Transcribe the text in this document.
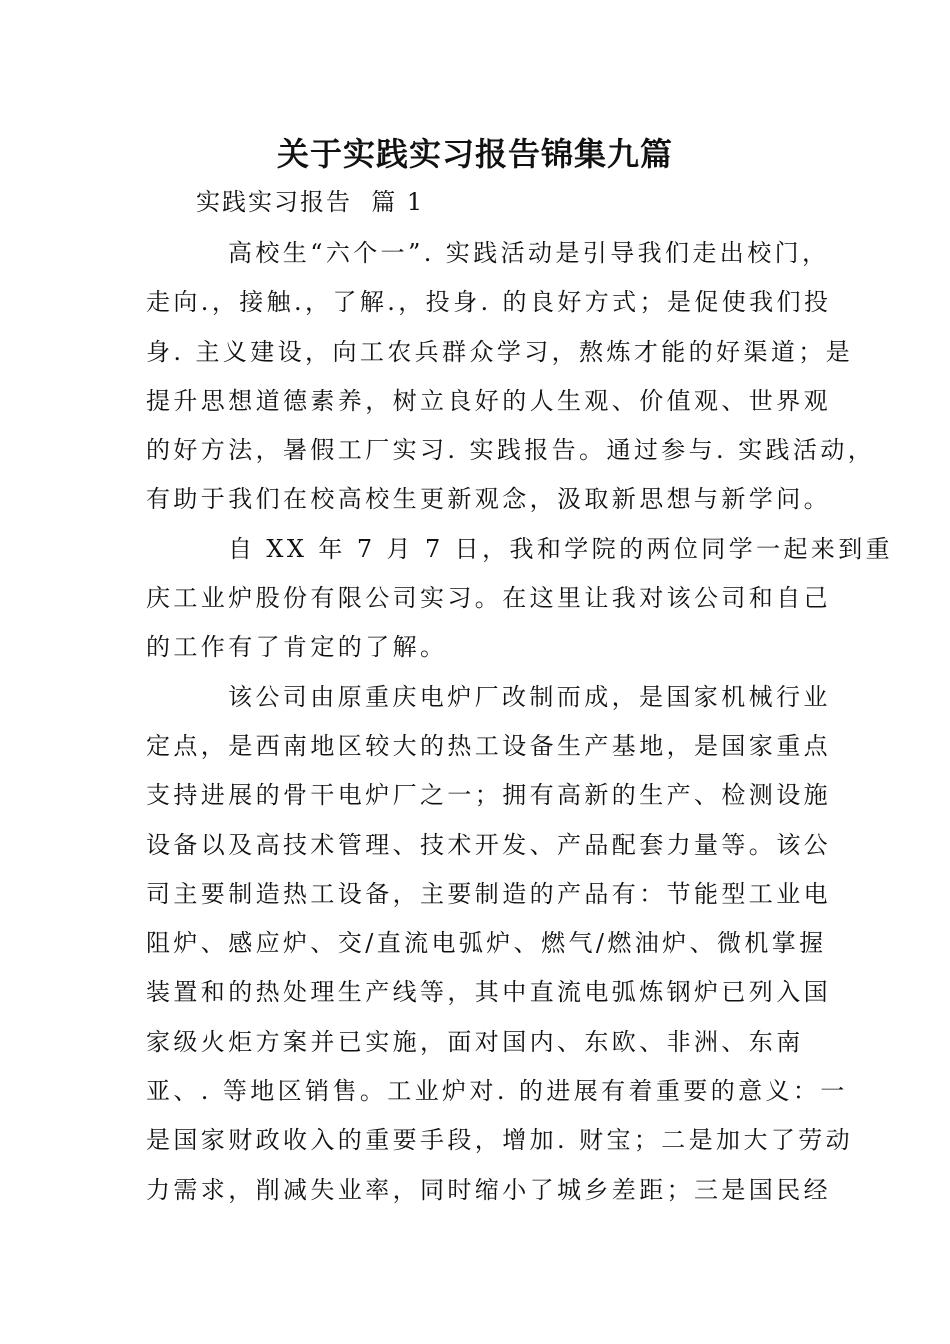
关于实践实习报告锦集九篇
实践实习报告  篇 1

高校生“六个一”. 实践活动是引导我们走出校门，
走向.，接触.，了解.，投身. 的良好方式；是促使我们投
身. 主义建设，向工农兵群众学习，熬炼才能的好渠道；是
提升思想道德素养，树立良好的人生观、价值观、世界观
的好方法，暑假工厂实习. 实践报告。通过参与. 实践活动，
有助于我们在校高校生更新观念，汲取新思想与新学问。

自 XX 年 7 月 7 日，我和学院的两位同学一起来到重
庆工业炉股份有限公司实习。在这里让我对该公司和自己
的工作有了肯定的了解。

该公司由原重庆电炉厂改制而成，是国家机械行业
定点，是西南地区较大的热工设备生产基地，是国家重点
支持进展的骨干电炉厂之一；拥有高新的生产、检测设施
设备以及高技术管理、技术开发、产品配套力量等。该公
司主要制造热工设备，主要制造的产品有：节能型工业电
阻炉、感应炉、交/直流电弧炉、燃气/燃油炉、微机掌握
装置和的热处理生产线等，其中直流电弧炼钢炉已列入国
家级火炬方案并已实施，面对国内、东欧、非洲、东南
亚、. 等地区销售。工业炉对. 的进展有着重要的意义：一
是国家财政收入的重要手段，增加. 财宝；二是加大了劳动
力需求，削减失业率，同时缩小了城乡差距；三是国民经
